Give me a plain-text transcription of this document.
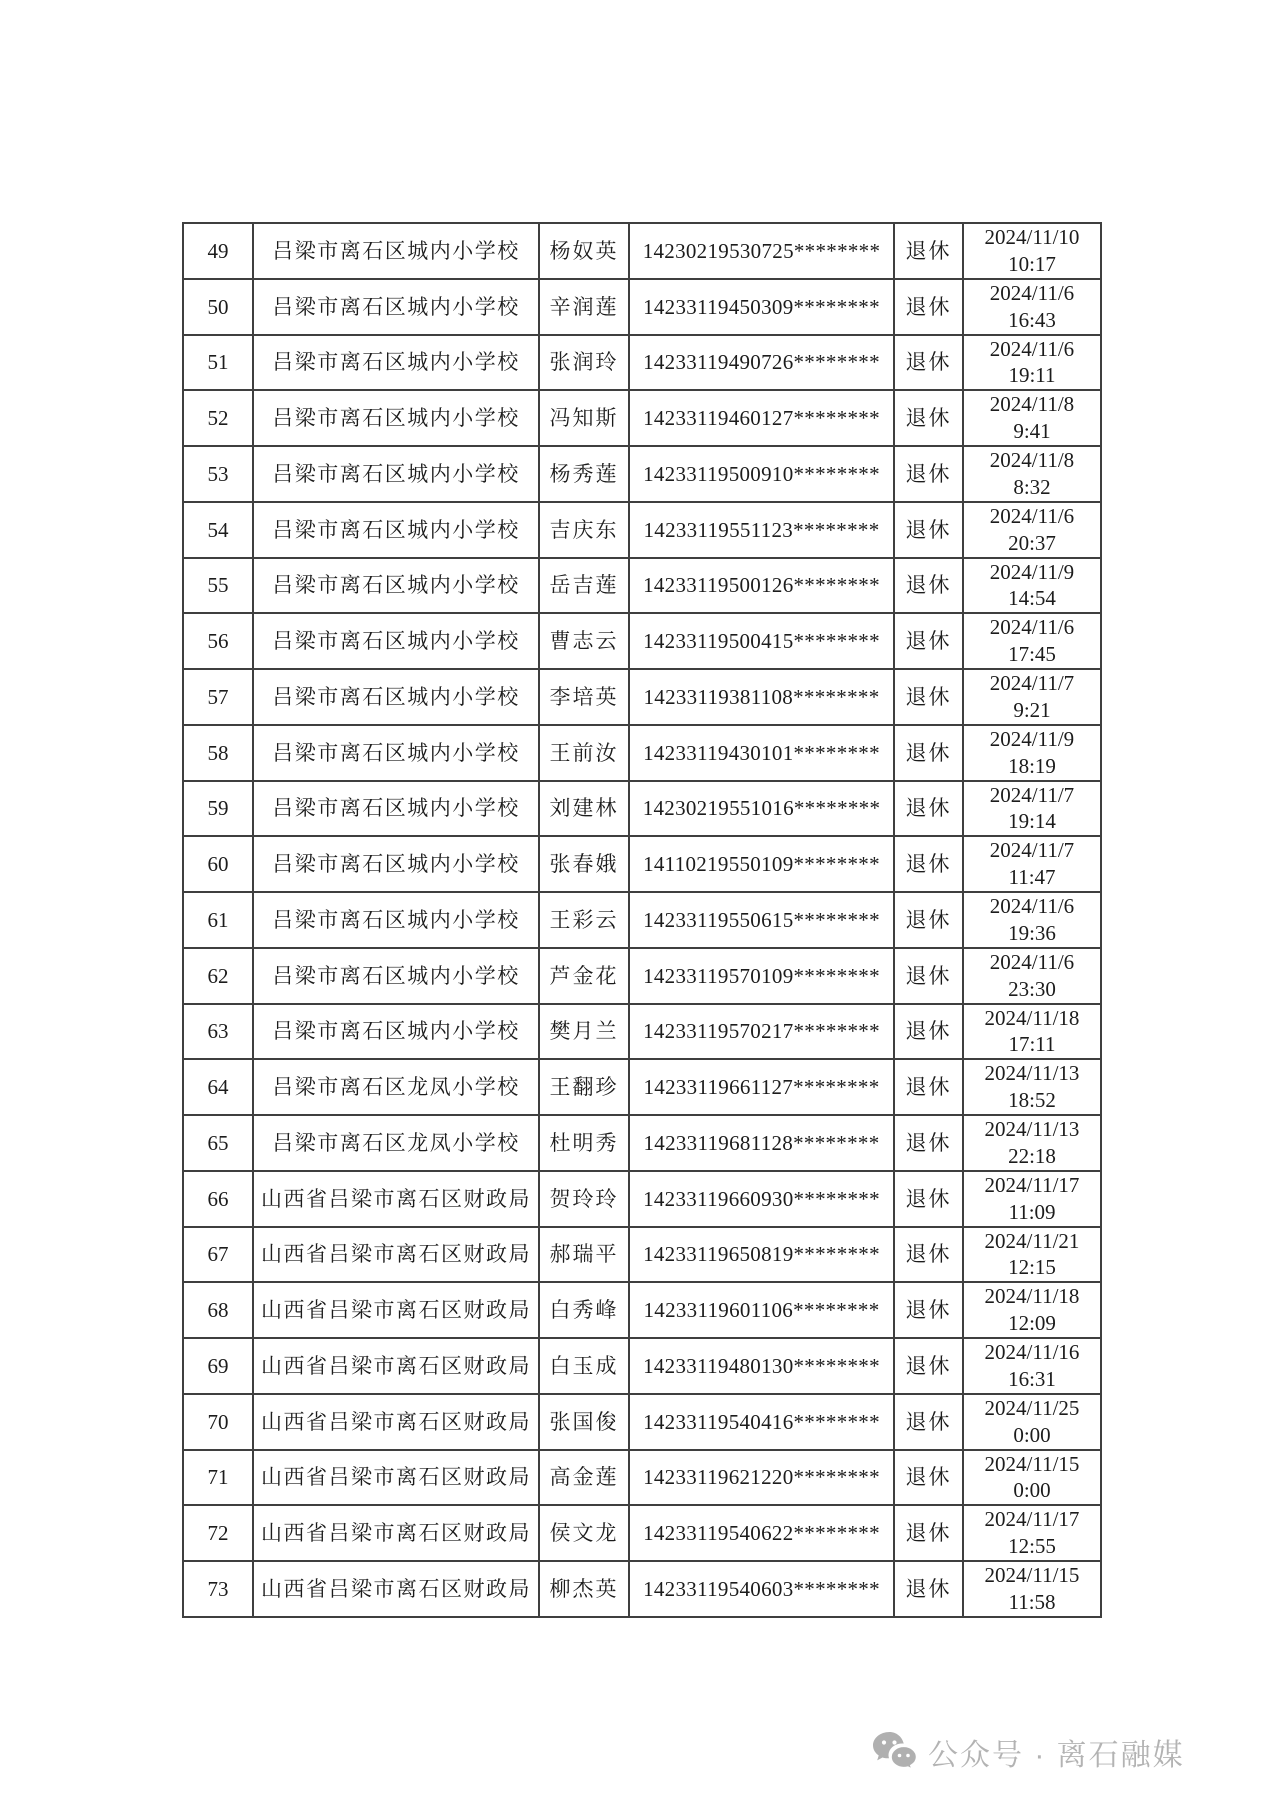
49	吕梁市离石区城内小学校	杨奴英	14230219530725********	退休	2024/11/10
10:17
50	吕梁市离石区城内小学校	辛润莲	14233119450309********	退休	2024/11/6
16:43
51	吕梁市离石区城内小学校	张润玲	14233119490726********	退休	2024/11/6
19:11
52	吕梁市离石区城内小学校	冯知斯	14233119460127********	退休	2024/11/8
9:41
53	吕梁市离石区城内小学校	杨秀莲	14233119500910********	退休	2024/11/8
8:32
54	吕梁市离石区城内小学校	吉庆东	14233119551123********	退休	2024/11/6
20:37
55	吕梁市离石区城内小学校	岳吉莲	14233119500126********	退休	2024/11/9
14:54
56	吕梁市离石区城内小学校	曹志云	14233119500415********	退休	2024/11/6
17:45
57	吕梁市离石区城内小学校	李培英	14233119381108********	退休	2024/11/7
9:21
58	吕梁市离石区城内小学校	王前汝	14233119430101********	退休	2024/11/9
18:19
59	吕梁市离石区城内小学校	刘建林	14230219551016********	退休	2024/11/7
19:14
60	吕梁市离石区城内小学校	张春娥	14110219550109********	退休	2024/11/7
11:47
61	吕梁市离石区城内小学校	王彩云	14233119550615********	退休	2024/11/6
19:36
62	吕梁市离石区城内小学校	芦金花	14233119570109********	退休	2024/11/6
23:30
63	吕梁市离石区城内小学校	樊月兰	14233119570217********	退休	2024/11/18
17:11
64	吕梁市离石区龙凤小学校	王翻珍	14233119661127********	退休	2024/11/13
18:52
65	吕梁市离石区龙凤小学校	杜明秀	14233119681128********	退休	2024/11/13
22:18
66	山西省吕梁市离石区财政局	贺玲玲	14233119660930********	退休	2024/11/17
11:09
67	山西省吕梁市离石区财政局	郝瑞平	14233119650819********	退休	2024/11/21
12:15
68	山西省吕梁市离石区财政局	白秀峰	14233119601106********	退休	2024/11/18
12:09
69	山西省吕梁市离石区财政局	白玉成	14233119480130********	退休	2024/11/16
16:31
70	山西省吕梁市离石区财政局	张国俊	14233119540416********	退休	2024/11/25
0:00
71	山西省吕梁市离石区财政局	高金莲	14233119621220********	退休	2024/11/15
0:00
72	山西省吕梁市离石区财政局	侯文龙	14233119540622********	退休	2024/11/17
12:55
73	山西省吕梁市离石区财政局	柳杰英	14233119540603********	退休	2024/11/15
11:58
公众号 · 离石融媒
